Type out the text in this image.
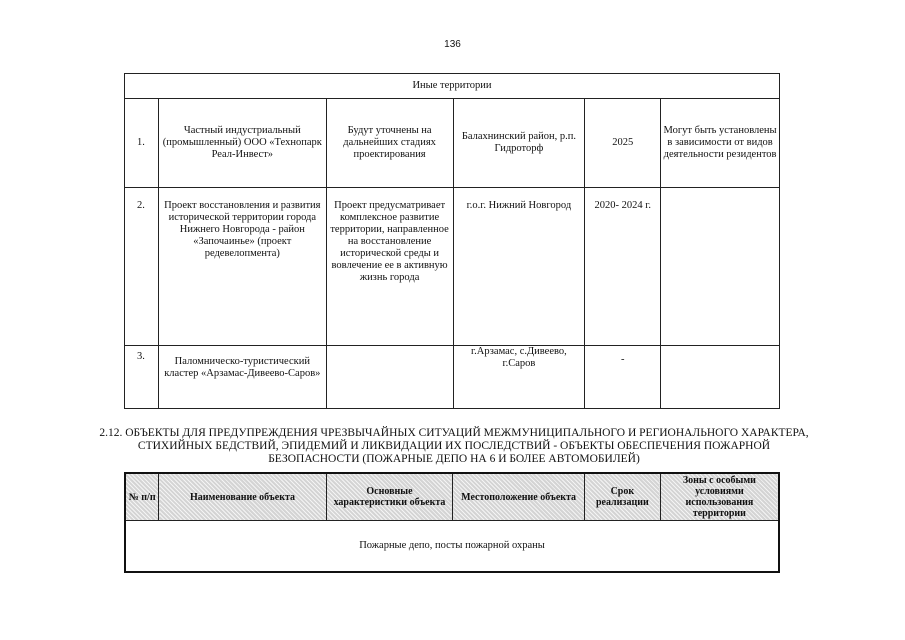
136
Иные территории					
1.	Частный индустриальный (промышленный) ООО «Технопарк Реал-Инвест»	Будут уточнены на дальнейших стадиях проектирования	Балахнинский район, р.п. Гидроторф	2025	Могут быть установлены в зависимости от видов деятельности резидентов
2.	Проект восстановления и развития исторической территории города Нижнего Новгорода - район «Започаинье» (проект редевелопмента)	Проект предусматривает комплексное развитие территории, направленное на восстановление исторической среды и вовлечение ее в активную жизнь города	г.о.г. Нижний Новгород	2020- 2024 г.	
3.	Паломническо-туристический кластер «Арзамас-Дивеево-Саров»		г.Арзамас, с.Дивеево, г.Саров	-	
2.12. ОБЪЕКТЫ ДЛЯ ПРЕДУПРЕЖДЕНИЯ ЧРЕЗВЫЧАЙНЫХ СИТУАЦИЙ МЕЖМУНИЦИПАЛЬНОГО И РЕГИОНАЛЬНОГО ХАРАКТЕРА, СТИХИЙНЫХ БЕДСТВИЙ, ЭПИДЕМИЙ И ЛИКВИДАЦИИ ИХ ПОСЛЕДСТВИЙ - ОБЪЕКТЫ ОБЕСПЕЧЕНИЯ ПОЖАРНОЙ БЕЗОПАСНОСТИ (ПОЖАРНЫЕ ДЕПО НА 6 И БОЛЕЕ АВТОМОБИЛЕЙ)
№ п/п	Наименование объекта	Основные характеристики объекта	Местоположение объекта	Срок реализации	Зоны с особыми условиями использования территории
Пожарные депо, посты пожарной охраны
